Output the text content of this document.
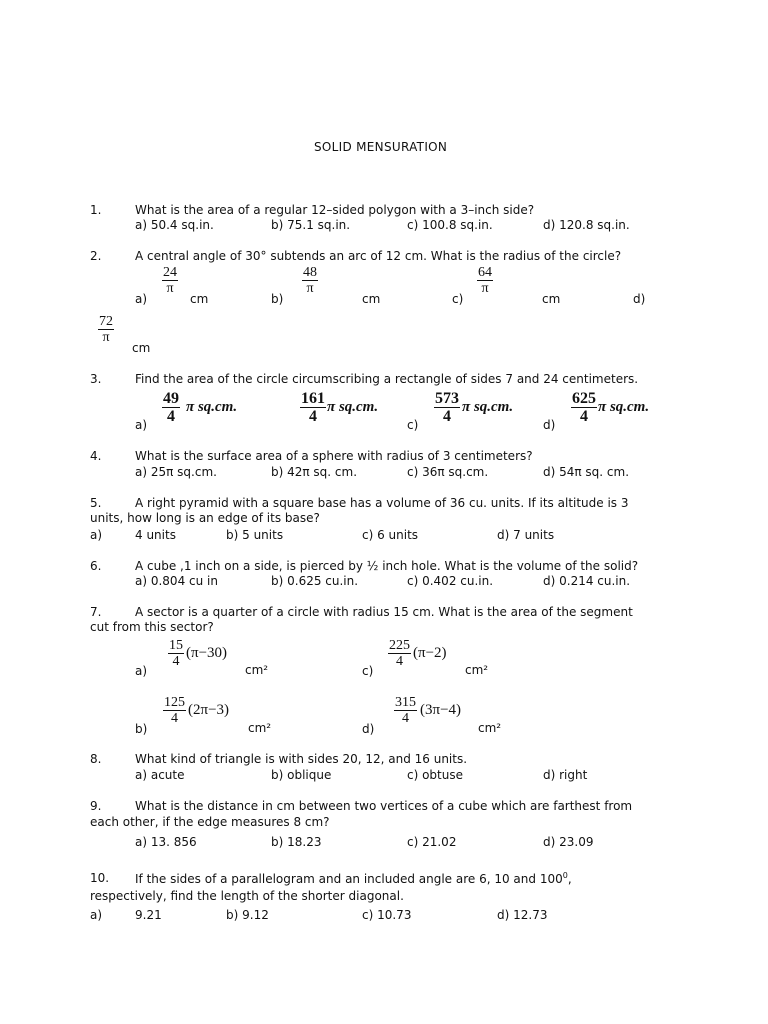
SOLID MENSURATION
1.	What is the area of a regular 12–sided polygon with a 3–inch side?
a) 50.4 sq.in.	b) 75.1 sq.in.	c) 100.8 sq.in.	d) 120.8 sq.in.
2.	A central angle of 30° subtends an arc of 12 cm. What is the radius of the circle?
a)
$\frac{24}{\pi}$
cm	b)
$\frac{48}{\pi}$
cm	c)
$\frac{64}{\pi}$
cm	d)
$\frac{72}{\pi}$
cm
3.	Find the area of the circle circumscribing a rectangle of sides 7 and 24 centimeters.
$a) \frac{49}{4}$ π sq.cm.	$\frac{161}{4}$ π sq.cm.
$c) \frac{573}{4}$ π sq.cm.
$d) \frac{625}{4}$ π sq.cm.
4.	What is the surface area of a sphere with radius of 3 centimeters?
a) 25π sq.cm.	b) 42π sq. cm.	c) 36π sq.cm.	d) 54π sq. cm.
5.	A right pyramid with a square base has a volume of 36 cu. units. If its altitude is 3
units, how long is an edge of its base?
a)	4 units	b) 5 units	c) 6 units	d) 7 units
6.	A cube ,1 inch on a side, is pierced by ½ inch hole. What is the volume of the solid?
a) 0.804 cu in	b) 0.625 cu.in.	c) 0.402 cu.in.	d) 0.214 cu.in.
7.	A sector is a quarter of a circle with radius 15 cm. What is the area of the segment
cut from this sector?
a)
$\frac{15}{4} (\pi-30)$
cm²	c)
$\frac{225}{4} (\pi-2)$
cm²
b)
$\frac{125}{4} (2\pi-3)$
cm²	d)
$\frac{315}{4} (3\pi-4)$
cm²
8.	What kind of triangle is with sides 20, 12, and 16 units.
a) acute	b) oblique	c) obtuse	d) right
9.	What is the distance in cm between two vertices of a cube which are farthest from
each other, if the edge measures 8 cm?
a) 13. 856	b) 18.23	c) 21.02	d) 23.09
10. If the sides of a parallelogram and an included angle are 6, 10 and $100^0$,
respectively, find the length of the shorter diagonal.
a)	9.21	b) 9.12	c) 10.73	d) 12.73
